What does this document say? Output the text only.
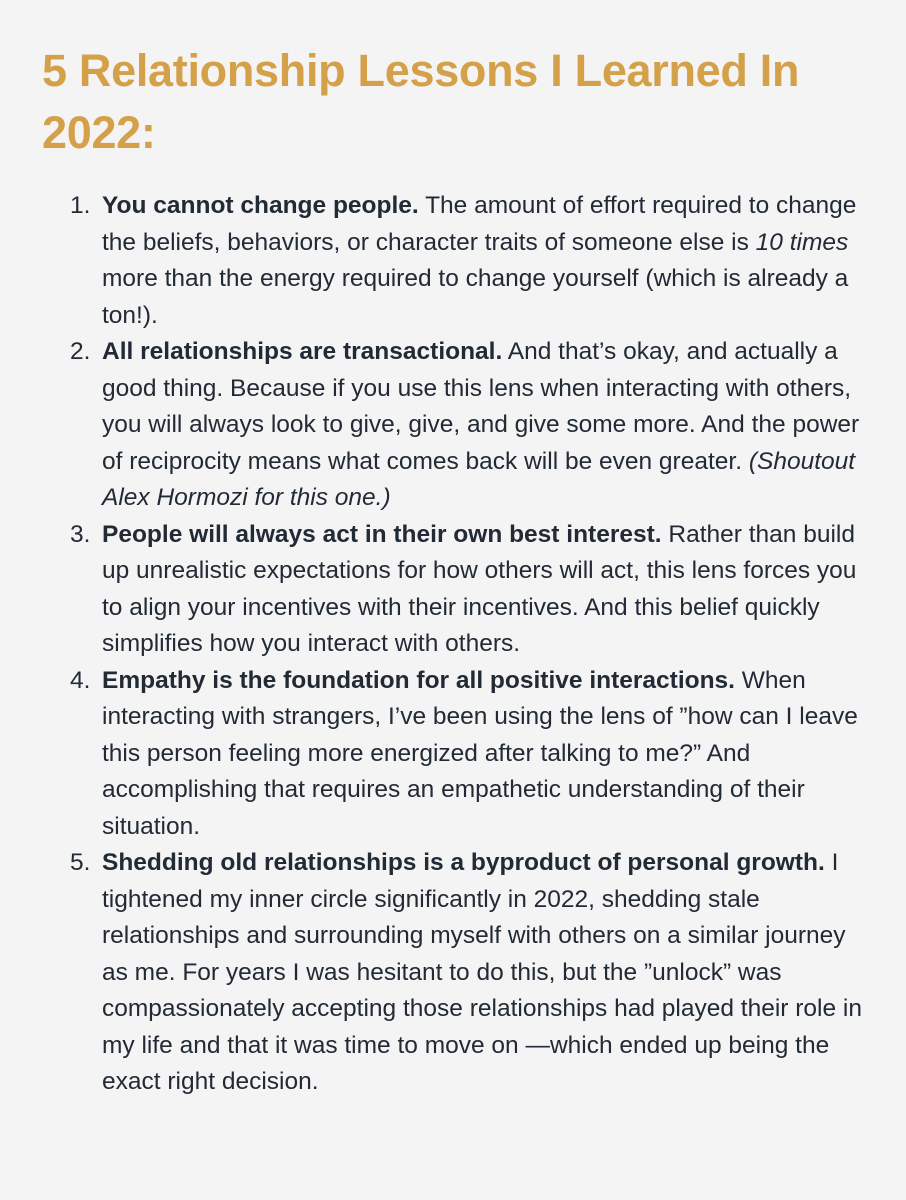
5 Relationship Lessons I Learned In 2022:
1. You cannot change people. The amount of effort required to change the beliefs, behaviors, or character traits of someone else is 10 times more than the energy required to change yourself (which is already a ton!).
2. All relationships are transactional. And that’s okay, and actually a good thing. Because if you use this lens when interacting with others, you will always look to give, give, and give some more. And the power of reciprocity means what comes back will be even greater. (Shoutout Alex Hormozi for this one.)
3. People will always act in their own best interest. Rather than build up unrealistic expectations for how others will act, this lens forces you to align your incentives with their incentives. And this belief quickly simplifies how you interact with others.
4. Empathy is the foundation for all positive interactions. When interacting with strangers, I’ve been using the lens of ”how can I leave this person feeling more energized after talking to me?” And accomplishing that requires an empathetic understanding of their situation.
5. Shedding old relationships is a byproduct of personal growth. I tightened my inner circle significantly in 2022, shedding stale relationships and surrounding myself with others on a similar journey as me. For years I was hesitant to do this, but the ”unlock” was compassionately accepting those relationships had played their role in my life and that it was time to move on —which ended up being the exact right decision.
